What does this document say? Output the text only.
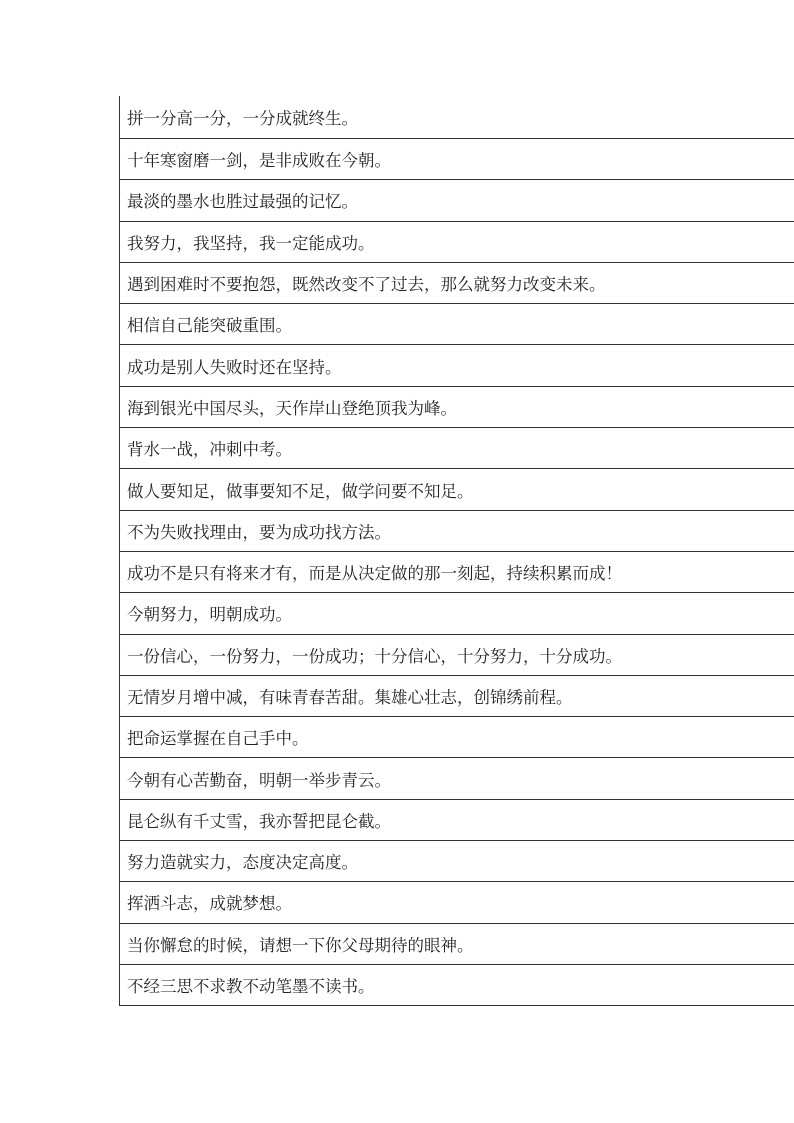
拼一分高一分，一分成就终生。
十年寒窗磨一剑，是非成败在今朝。
最淡的墨水也胜过最强的记忆。
我努力，我坚持，我一定能成功。
遇到困难时不要抱怨，既然改变不了过去，那么就努力改变未来。
相信自己能突破重围。
成功是别人失败时还在坚持。
海到银光中国尽头，天作岸山登绝顶我为峰。
背水一战，冲刺中考。
做人要知足，做事要知不足，做学问要不知足。
不为失败找理由，要为成功找方法。
成功不是只有将来才有，而是从决定做的那一刻起，持续积累而成！
今朝努力，明朝成功。
一份信心，一份努力，一份成功；十分信心，十分努力，十分成功。
无情岁月增中减，有味青春苦甜。集雄心壮志，创锦绣前程。
把命运掌握在自己手中。
今朝有心苦勤奋，明朝一举步青云。
昆仑纵有千丈雪，我亦誓把昆仑截。
努力造就实力，态度决定高度。
挥洒斗志，成就梦想。
当你懈怠的时候，请想一下你父母期待的眼神。
不经三思不求教不动笔墨不读书。
